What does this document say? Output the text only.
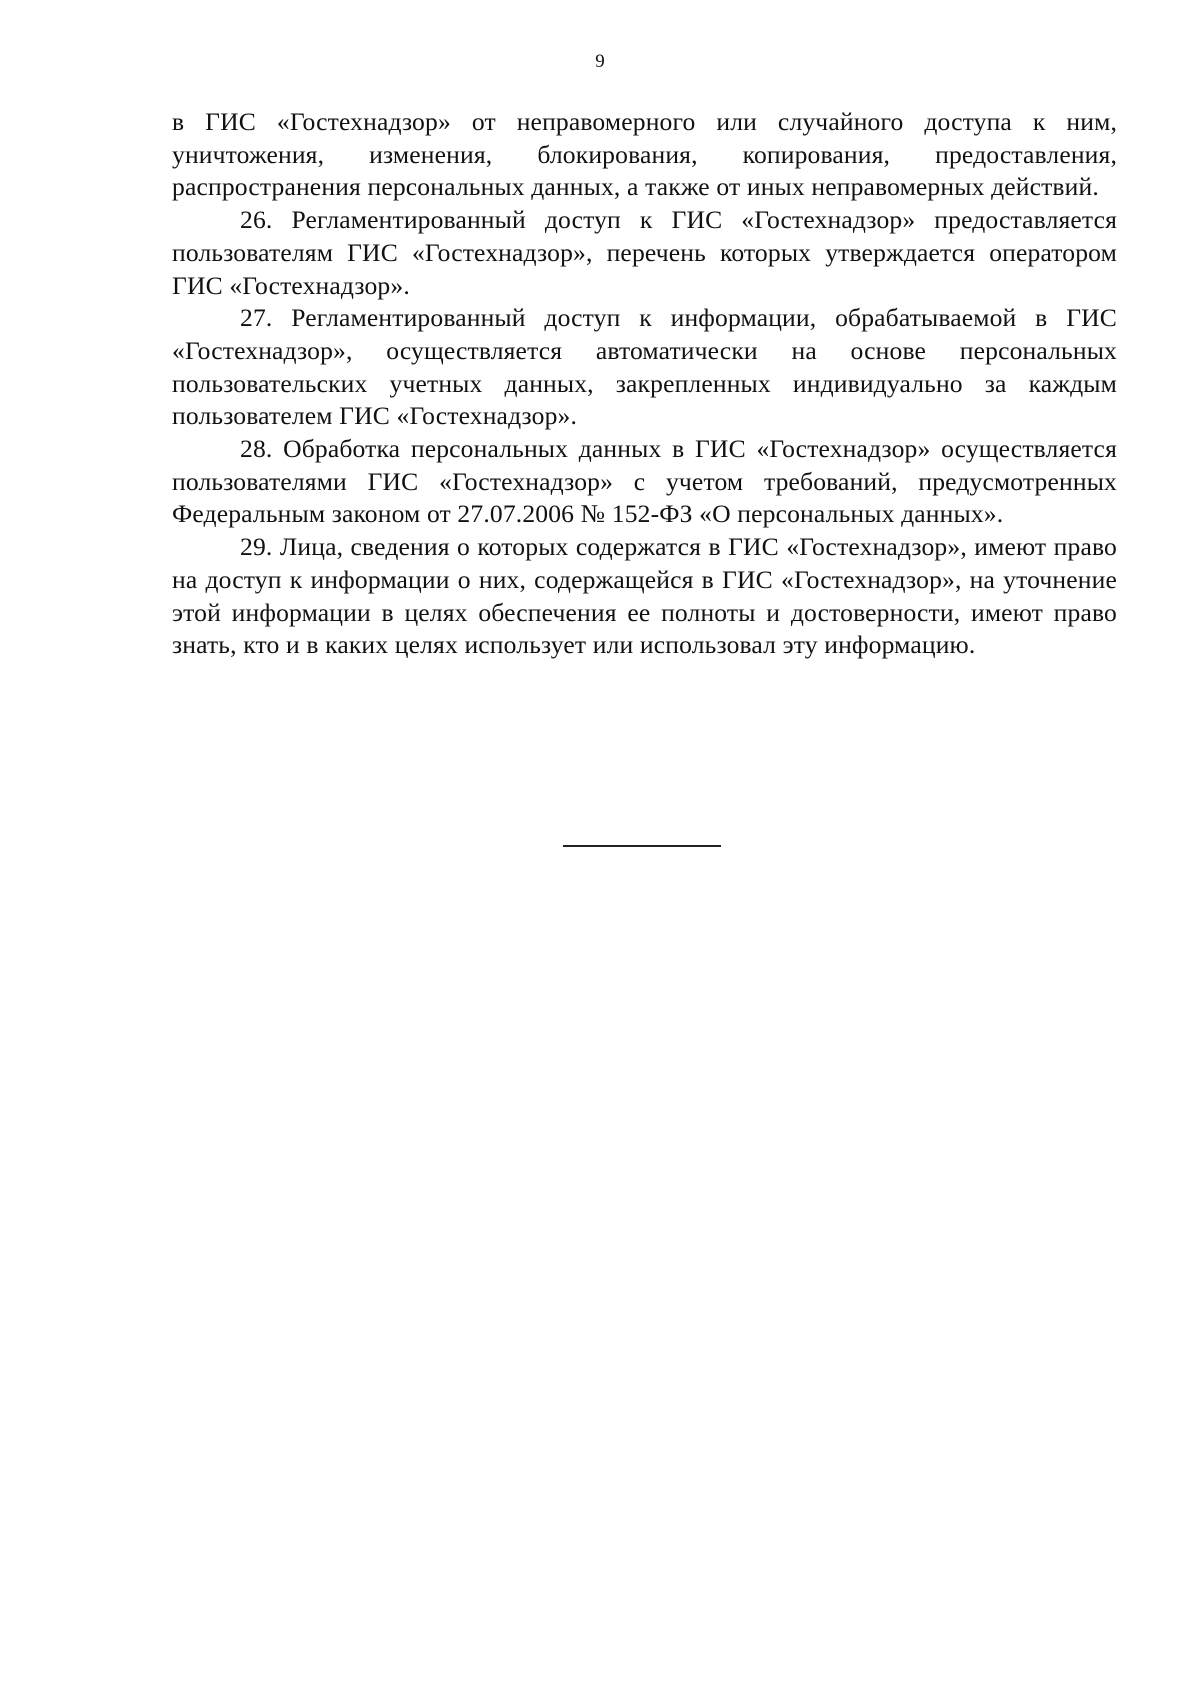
9

в ГИС «Гостехнадзор» от неправомерного или случайного доступа к ним, уничтожения, изменения, блокирования, копирования, предоставления, распространения персональных данных, а также от иных неправомерных действий.

26. Регламентированный доступ к ГИС «Гостехнадзор» предоставляется пользователям ГИС «Гостехнадзор», перечень которых утверждается оператором ГИС «Гостехнадзор».

27. Регламентированный доступ к информации, обрабатываемой в ГИС «Гостехнадзор», осуществляется автоматически на основе персональных пользовательских учетных данных, закрепленных индивидуально за каждым пользователем ГИС «Гостехнадзор».

28. Обработка персональных данных в ГИС «Гостехнадзор» осуществляется пользователями ГИС «Гостехнадзор» с учетом требований, предусмотренных Федеральным законом от 27.07.2006 № 152-ФЗ «О персональных данных».

29. Лица, сведения о которых содержатся в ГИС «Гостехнадзор», имеют право на доступ к информации о них, содержащейся в ГИС «Гостехнадзор», на уточнение этой информации в целях обеспечения ее полноты и достоверности, имеют право знать, кто и в каких целях использует или использовал эту информацию.
